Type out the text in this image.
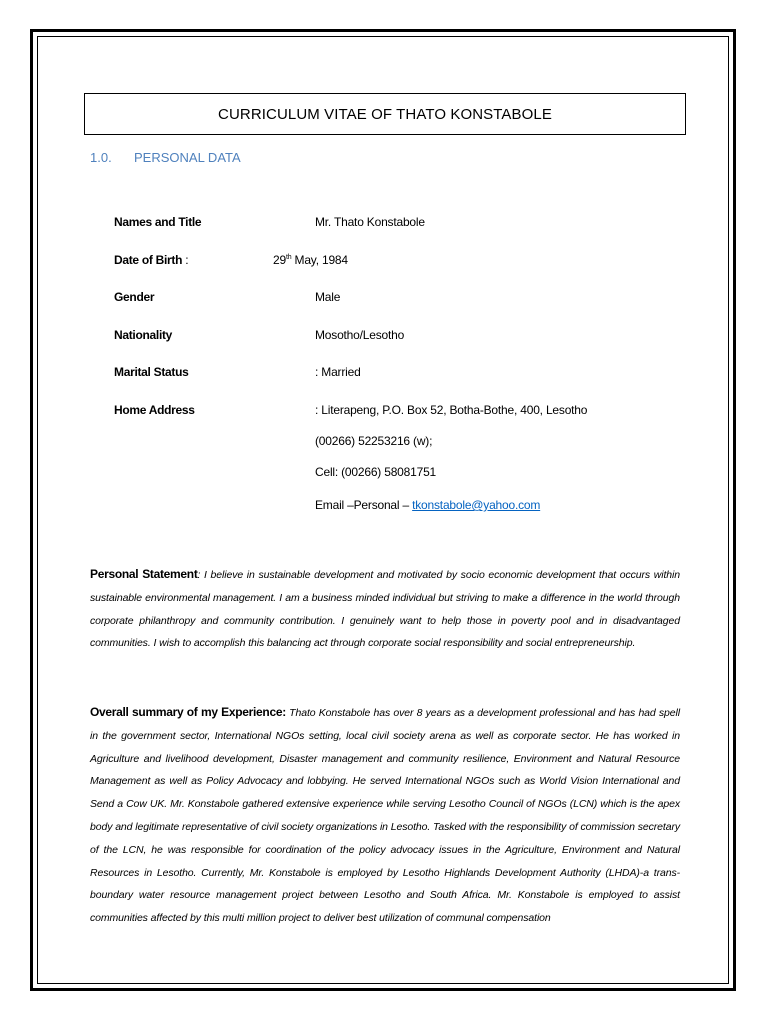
CURRICULUM VITAE OF THATO KONSTABOLE
1.0. PERSONAL DATA
Names and Title	Mr. Thato Konstabole
Date of Birth :	29th May, 1984
Gender	Male
Nationality	Mosotho/Lesotho
Marital Status	: Married
Home Address	: Literapeng, P.O. Box 52, Botha-Bothe, 400, Lesotho
(00266) 52253216 (w);
Cell: (00266) 58081751
Email –Personal – tkonstabole@yahoo.com
Personal Statement: I believe in sustainable development and motivated by socio economic development that occurs within sustainable environmental management. I am a business minded individual but striving to make a difference in the world through corporate philanthropy and community contribution. I genuinely want to help those in poverty pool and in disadvantaged communities. I wish to accomplish this balancing act through corporate social responsibility and social entrepreneurship.
Overall summary of my Experience: Thato Konstabole has over 8 years as a development professional and has had spell in the government sector, International NGOs setting, local civil society arena as well as corporate sector. He has worked in Agriculture and livelihood development, Disaster management and community resilience, Environment and Natural Resource Management as well as Policy Advocacy and lobbying. He served International NGOs such as World Vision International and Send a Cow UK. Mr. Konstabole gathered extensive experience while serving Lesotho Council of NGOs (LCN) which is the apex body and legitimate representative of civil society organizations in Lesotho. Tasked with the responsibility of commission secretary of the LCN, he was responsible for coordination of the policy advocacy issues in the Agriculture, Environment and Natural Resources in Lesotho. Currently, Mr. Konstabole is employed by Lesotho Highlands Development Authority (LHDA)-a trans-boundary water resource management project between Lesotho and South Africa. Mr. Konstabole is employed to assist communities affected by this multi million project to deliver best utilization of communal compensation
